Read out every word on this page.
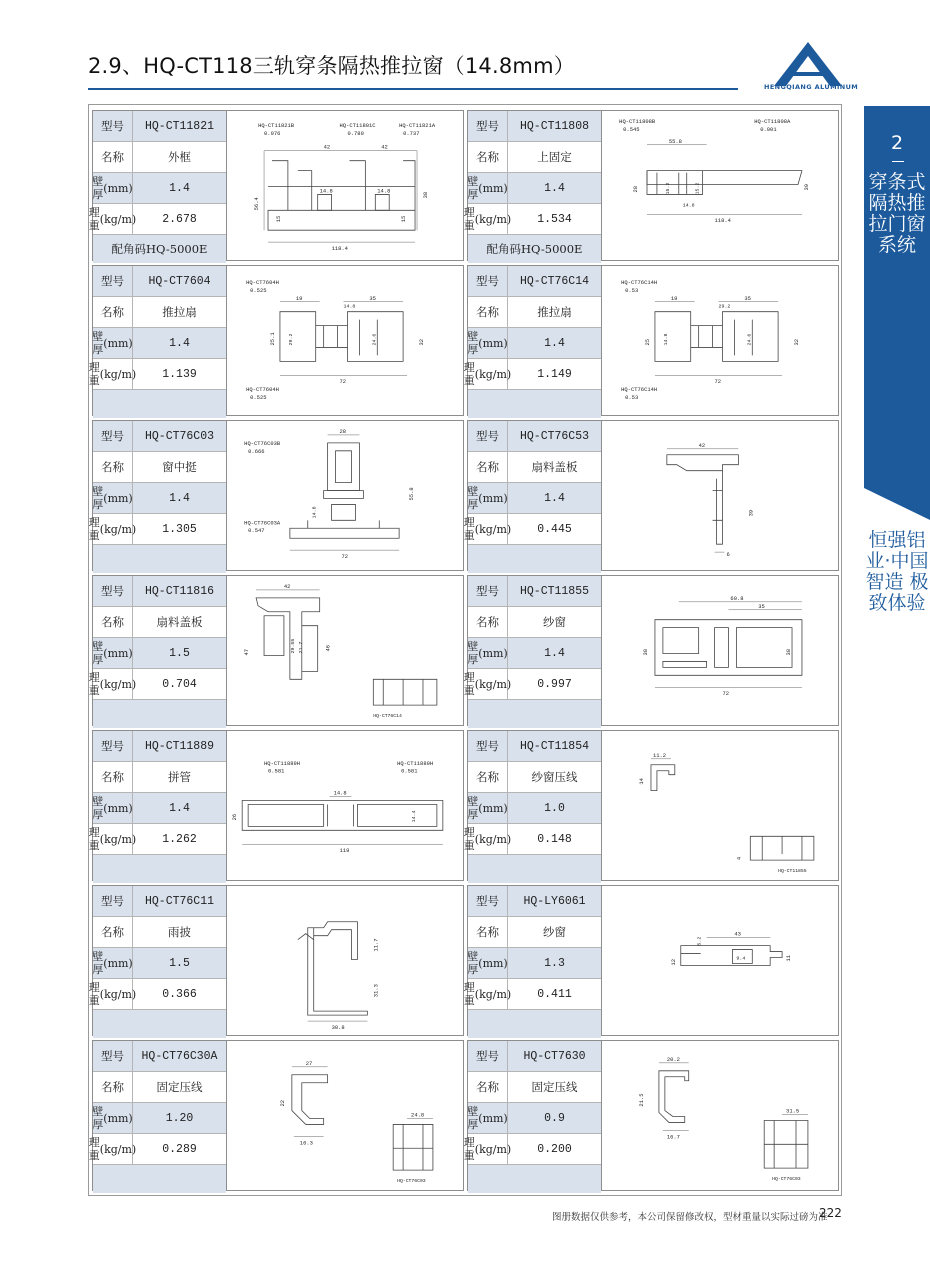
2.9、HQ-CT118三轨穿条隔热推拉窗（14.8mm）
HENGQIANG ALUMINUM
2
穿条式隔热推拉门窗系统
恒强铝业·中国智造 极致体验
型号	HQ-CT11821
名称	外框
壁厚 (mm)	1.4
理重 (kg/m)	2.678
配角码HQ-5000E
HQ-CT11821B
0.976
HQ-CT11801C
0.789
HQ-CT11821A
0.737
42	42
14.8	14.8
56.4
38
15	15
118.4
型号	HQ-CT11808
名称	上固定
壁厚 (mm)	1.4
理重 (kg/m)	1.534
配角码HQ-5000E
HQ-CT11808B
0.545
HQ-CT11808A
0.901
55.8
28	15.2	15.2	39
14.8
118.4
型号	HQ-CT7604
名称	推拉扇
壁厚 (mm)	1.4
理重 (kg/m)	1.139
HQ-CT7604H
0.525
19	35
25.1	29.2	24.6	32
14.8
72
HQ-CT7604H
0.525
型号	HQ-CT76C14
名称	推拉扇
壁厚 (mm)	1.4
理重 (kg/m)	1.149
HQ-CT76C14H
0.53
19	35
25	14.8	24.6	32
29.2
72
HQ-CT76C14H
0.53
型号	HQ-CT76C03
名称	窗中挺
壁厚 (mm)	1.4
理重 (kg/m)	1.305
HQ-CT76C03B
0.666
28
55.8
14.8
HQ-CT76C03A
0.547
72
型号	HQ-CT76C53
名称	扇料盖板
壁厚 (mm)	1.4
理重 (kg/m)	0.445
42
39
6
型号	HQ-CT11816
名称	扇料盖板
壁厚 (mm)	1.5
理重 (kg/m)	0.704
42
47	29.55 21.7	46
HQ-CT76C14
型号	HQ-CT11855
名称	纱窗
壁厚 (mm)	1.4
理重 (kg/m)	0.997
60.8
35
38	38
72
型号	HQ-CT11889
名称	拼管
壁厚 (mm)	1.4
理重 (kg/m)	1.262
HQ-CT11889H
0.581
HQ-CT11889H
0.581
14.8
26	14.4
119
型号	HQ-CT11854
名称	纱窗压线
壁厚 (mm)	1.0
理重 (kg/m)	0.148
11.2
14
4
HQ-CT11855
型号	HQ-CT76C11
名称	雨披
壁厚 (mm)	1.5
理重 (kg/m)	0.366
11.7
31.3
30.8
型号	HQ-LY6061
名称	纱窗
壁厚 (mm)	1.3
理重 (kg/m)	0.411
43
5.2
12	9.4	11
型号	HQ-CT76C30A
名称	固定压线
壁厚 (mm)	1.20
理重 (kg/m)	0.289
27
22
16.3
24.8
HQ-CT76C03
型号	HQ-CT7630
名称	固定压线
壁厚 (mm)	0.9
理重 (kg/m)	0.200
20.2
21.5
16.7
31.5
HQ-CT76C03
图册数据仅供参考，本公司保留修改权，型材重量以实际过磅为准
222
